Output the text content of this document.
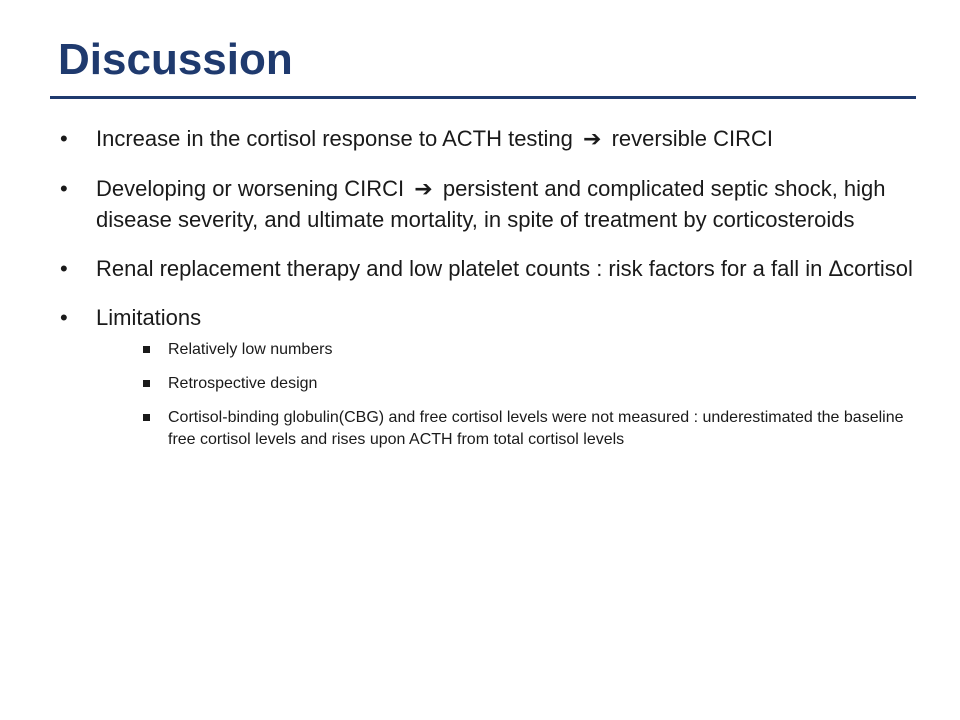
Discussion
•	Increase in the cortisol response to ACTH testing ➔ reversible CIRCI
•	Developing or worsening CIRCI ➔ persistent and complicated septic shock, high disease severity, and ultimate mortality, in spite of treatment by corticosteroids
•	Renal replacement therapy and low platelet counts : risk factors for a fall in Δcortisol
•	Limitations
Relatively low numbers
Retrospective design
Cortisol-binding globulin(CBG) and free cortisol levels were not measured : underestimated the baseline free cortisol levels and rises upon ACTH from total cortisol levels
